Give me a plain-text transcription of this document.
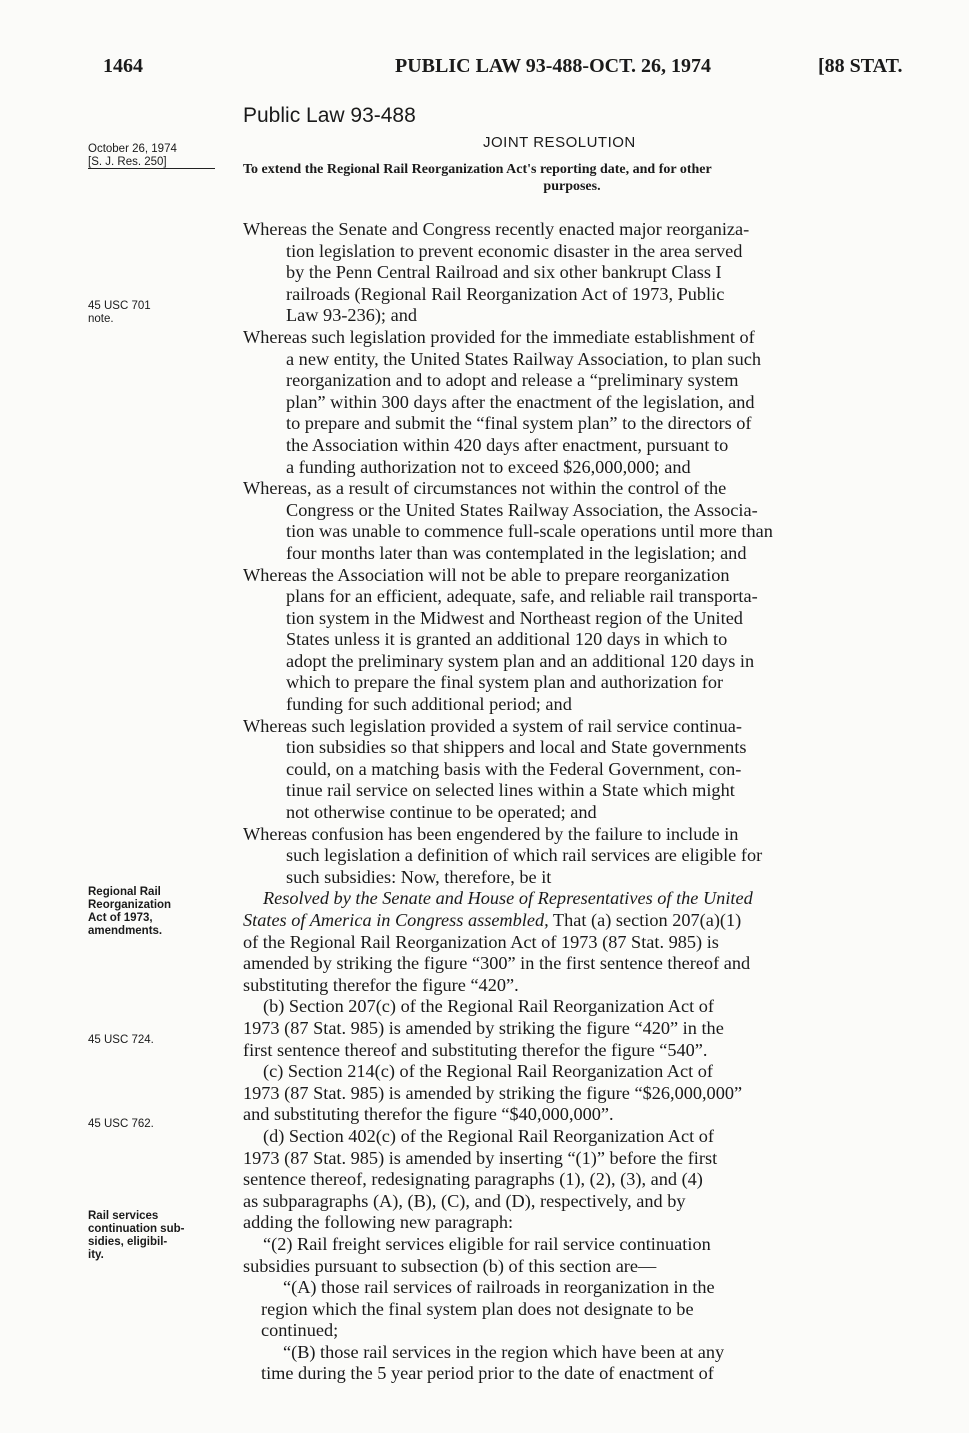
1464	PUBLIC LAW 93-488-OCT. 26, 1974	[88 STAT.
October 26, 1974
[S. J. Res. 250]
45 USC 701
note.
Regional Rail
Reorganization
Act of 1973,
amendments.
45 USC 724.
45 USC 762.
Rail services
continuation sub-
sidies, eligibil-
ity.
Public Law 93-488
JOINT RESOLUTION
To extend the Regional Rail Reorganization Act's reporting date, and for other
purposes.
Whereas the Senate and Congress recently enacted major reorganiza-
tion legislation to prevent economic disaster in the area served
by the Penn Central Railroad and six other bankrupt Class I
railroads (Regional Rail Reorganization Act of 1973, Public
Law 93-236); and
Whereas such legislation provided for the immediate establishment of
a new entity, the United States Railway Association, to plan such
reorganization and to adopt and release a “preliminary system
plan” within 300 days after the enactment of the legislation, and
to prepare and submit the “final system plan” to the directors of
the Association within 420 days after enactment, pursuant to
a funding authorization not to exceed $26,000,000; and
Whereas, as a result of circumstances not within the control of the
Congress or the United States Railway Association, the Associa-
tion was unable to commence full-scale operations until more than
four months later than was contemplated in the legislation; and
Whereas the Association will not be able to prepare reorganization
plans for an efficient, adequate, safe, and reliable rail transporta-
tion system in the Midwest and Northeast region of the United
States unless it is granted an additional 120 days in which to
adopt the preliminary system plan and an additional 120 days in
which to prepare the final system plan and authorization for
funding for such additional period; and
Whereas such legislation provided a system of rail service continua-
tion subsidies so that shippers and local and State governments
could, on a matching basis with the Federal Government, con-
tinue rail service on selected lines within a State which might
not otherwise continue to be operated; and
Whereas confusion has been engendered by the failure to include in
such legislation a definition of which rail services are eligible for
such subsidies: Now, therefore, be it
Resolved by the Senate and House of Representatives of the United
States of America in Congress assembled, That (a) section 207(a)(1)
of the Regional Rail Reorganization Act of 1973 (87 Stat. 985) is
amended by striking the figure “300” in the first sentence thereof and
substituting therefor the figure “420”.
(b) Section 207(c) of the Regional Rail Reorganization Act of
1973 (87 Stat. 985) is amended by striking the figure “420” in the
first sentence thereof and substituting therefor the figure “540”.
(c) Section 214(c) of the Regional Rail Reorganization Act of
1973 (87 Stat. 985) is amended by striking the figure “$26,000,000”
and substituting therefor the figure “$40,000,000”.
(d) Section 402(c) of the Regional Rail Reorganization Act of
1973 (87 Stat. 985) is amended by inserting “(1)” before the first
sentence thereof, redesignating paragraphs (1), (2), (3), and (4)
as subparagraphs (A), (B), (C), and (D), respectively, and by
adding the following new paragraph:
“(2) Rail freight services eligible for rail service continuation
subsidies pursuant to subsection (b) of this section are—
“(A) those rail services of railroads in reorganization in the
region which the final system plan does not designate to be
continued;
“(B) those rail services in the region which have been at any
time during the 5 year period prior to the date of enactment of
